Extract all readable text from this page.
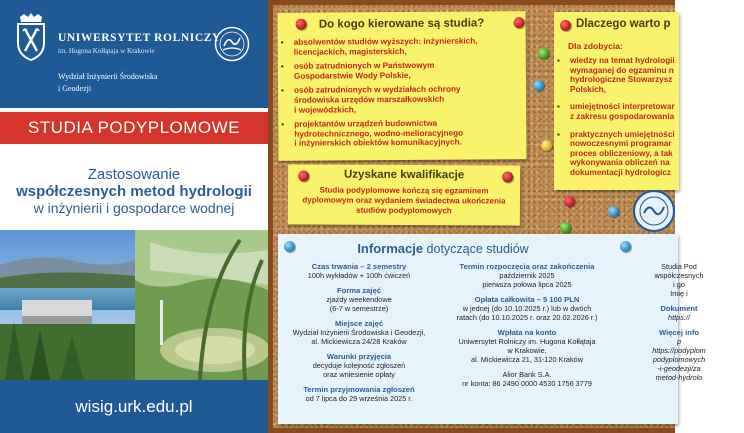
UNIWERSYTET ROLNICZY
im. Hugona Kołłątaja w Krakowie
Wydział Inżynierii Środowiska
i Geodezji
STUDIA PODYPLOMOWE
Zastosowanie
współczesnych metod hydrologii
w inżynierii i gospodarce wodnej
wisig.urk.edu.pl
Do kogo kierowane są studia?
▪ absolwentów studiów wyższych: inżynierskich,
licencjackich, magisterskich,
▪ osób zatrudnionych w Państwowym
Gospodarstwie Wody Polskie,
▪ osób zatrudnionych w wydziałach ochrony
środowiska urzędów marszałkowskich
i wojewódzkich,
▪ projektantów urządzeń budownictwa
hydrotechnicznego, wodno-melioracyjnego
i inżynierskich obiektów komunikacyjnych.
Dlaczego warto p
Dla zdobycia:
▪ wiedzy na temat hydrologii
wymaganej do egzaminu n
hydrologiczne Stowarzysz
Polskich,
▪ umiejętności interpretowar
z zakresu gospodarowania
▪ praktycznych umiejętności
nowoczesnymi programar
proces obliczeniowy, a tak
wykonywania obliczeń na
dokumentacji hydrologicz
Uzyskane kwalifikacje

Studia podyplomowe kończą się egzaminem
dyplomowym oraz wydaniem świadectwa ukończenia
studiów podyplomowych

Informacje dotyczące studiów
Czas trwania – 2 semestry
100h wykładów + 100h ćwiczeń
Forma zajęć
zjazdy weekendowe
(6-7 w semestrze)
Miejsce zajęć
Wydział Inżynierii Środowiska i Geodezji,
al. Mickiewicza 24/28 Kraków
Warunki przyjęcia
decyduje kolejność zgłoszeń
oraz wniesienie opłaty
Termin przyjmowania zgłoszeń
od 7 lipca do 29 września 2025 r.
Termin rozpoczęcia oraz zakończenia
październik 2025
pierwsza połowa lipca 2025
Opłata całkowita – 5 100 PLN
w jednej (do 10.10.2025 r.) lub w dwóch
ratach (do 10.10.2025 r. oraz 20.02.2026 r.)
Wpłata na konto
Uniwersytet Rolniczy im. Hugona Kołłątaja
w Krakowie,
al. Mickiewicza 21, 31-120 Kraków
Alior Bank S.A.
nr konta: 86 2490 0000 4530 1756 3779
Studia Pod
współczesnych
i go
Imię i
Dokument
https://
Więcej info
p
https://podyplom
podyplomowych
-i-geodezji/za
metod-hydrolo
